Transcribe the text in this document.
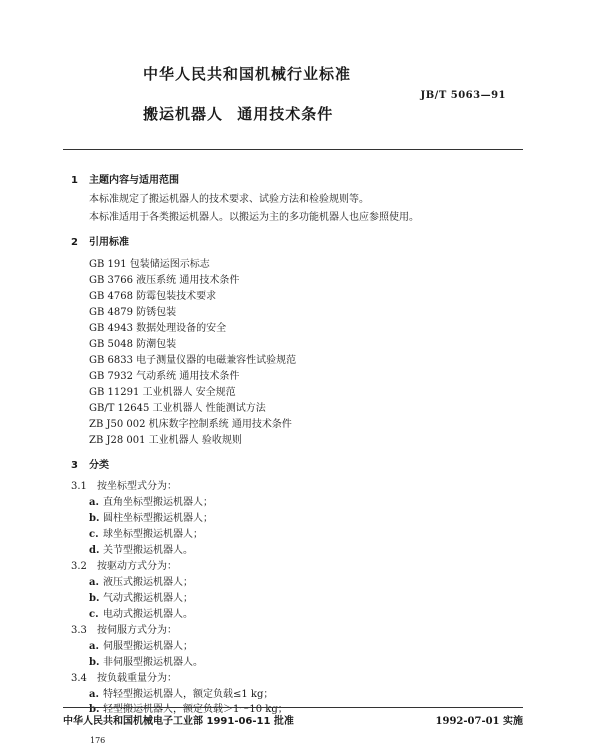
中华人民共和国机械行业标准
JB/T 5063—91
搬运机器人 通用技术条件
1 主题内容与适用范围
本标准规定了搬运机器人的技术要求、试验方法和检验规则等。
本标准适用于各类搬运机器人。以搬运为主的多功能机器人也应参照使用。
2 引用标准
GB 191 包装储运图示标志
GB 3766 液压系统 通用技术条件
GB 4768 防霉包装技术要求
GB 4879 防锈包装
GB 4943 数据处理设备的安全
GB 5048 防潮包装
GB 6833 电子测量仪器的电磁兼容性试验规范
GB 7932 气动系统 通用技术条件
GB 11291 工业机器人 安全规范
GB/T 12645 工业机器人 性能测试方法
ZB J50 002 机床数字控制系统 通用技术条件
ZB J28 001 工业机器人 验收规则
3 分类
3.1 按坐标型式分为：
a. 直角坐标型搬运机器人；
b. 圆柱坐标型搬运机器人；
c. 球坐标型搬运机器人；
d. 关节型搬运机器人。
3.2 按驱动方式分为：
a. 液压式搬运机器人；
b. 气动式搬运机器人；
c. 电动式搬运机器人。
3.3 按伺服方式分为：
a. 伺服型搬运机器人；
b. 非伺服型搬运机器人。
3.4 按负载重量分为：
a. 特轻型搬运机器人，额定负载≤1 kg；
b. 轻型搬运机器人，额定负载＞1～10 kg；
中华人民共和国机械电子工业部 1991-06-11 批准	1992-07-01 实施
176
